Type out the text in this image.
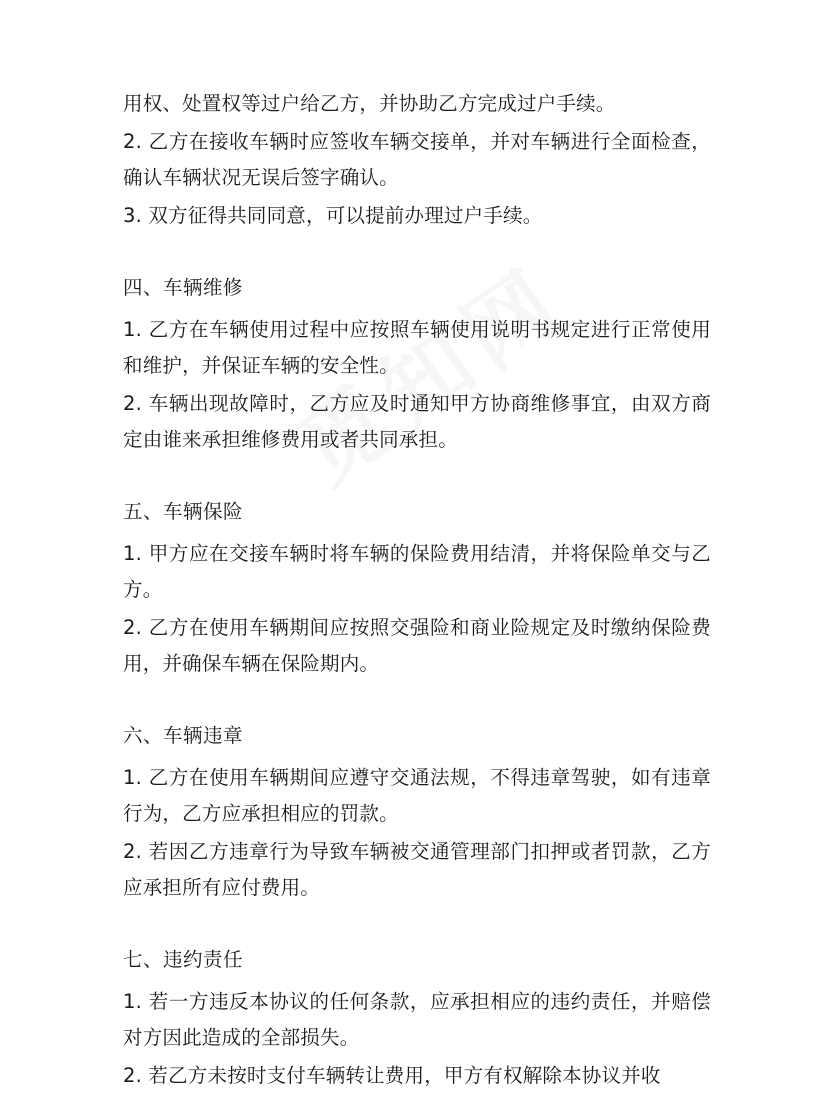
用权、处置权等过户给乙方，并协助乙方完成过户手续。

2. 乙方在接收车辆时应签收车辆交接单，并对车辆进行全面检查，确认车辆状况无误后签字确认。

3. 双方征得共同同意，可以提前办理过户手续。

四、车辆维修

1. 乙方在车辆使用过程中应按照车辆使用说明书规定进行正常使用和维护，并保证车辆的安全性。

2. 车辆出现故障时，乙方应及时通知甲方协商维修事宜，由双方商定由谁来承担维修费用或者共同承担。

五、车辆保险

1. 甲方应在交接车辆时将车辆的保险费用结清，并将保险单交与乙方。

2. 乙方在使用车辆期间应按照交强险和商业险规定及时缴纳保险费用，并确保车辆在保险期内。

六、车辆违章

1. 乙方在使用车辆期间应遵守交通法规，不得违章驾驶，如有违章行为，乙方应承担相应的罚款。

2. 若因乙方违章行为导致车辆被交通管理部门扣押或者罚款，乙方应承担所有应付费用。

七、违约责任

1. 若一方违反本协议的任何条款，应承担相应的违约责任，并赔偿对方因此造成的全部损失。

2. 若乙方未按时支付车辆转让费用，甲方有权解除本协议并收
